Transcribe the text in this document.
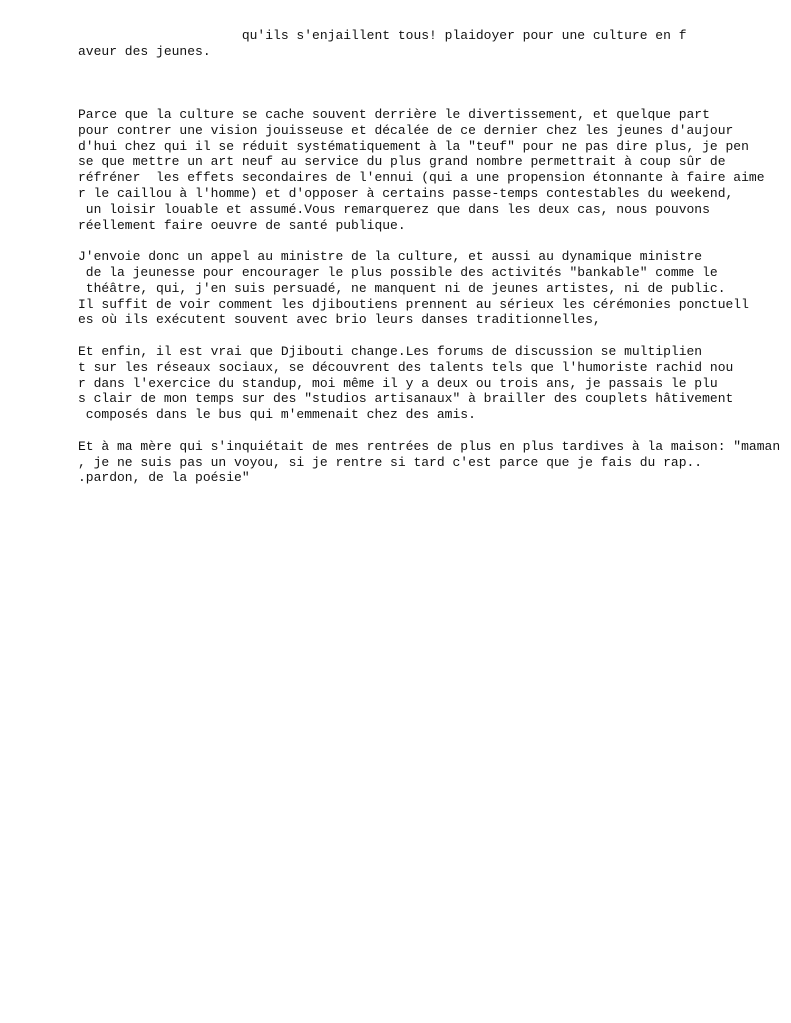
qu'ils s'enjaillent tous! plaidoyer pour une culture en f
aveur des jeunes.
Parce que la culture se cache souvent derrière le divertissement, et quelque part
pour contrer une vision jouisseuse et décalée de ce dernier chez les jeunes d'aujour
d'hui chez qui il se réduit systématiquement à la "teuf" pour ne pas dire plus, je pen
se que mettre un art neuf au service du plus grand nombre permettrait à coup sûr de
réfréner  les effets secondaires de l'ennui (qui a une propension étonnante à faire aime
r le caillou à l'homme) et d'opposer à certains passe-temps contestables du weekend,
un loisir louable et assumé.Vous remarquerez que dans les deux cas, nous pouvons
réellement faire oeuvre de santé publique.
J'envoie donc un appel au ministre de la culture, et aussi au dynamique ministre
de la jeunesse pour encourager le plus possible des activités "bankable" comme le
théâtre, qui, j'en suis persuadé, ne manquent ni de jeunes artistes, ni de public.
Il suffit de voir comment les djiboutiens prennent au sérieux les cérémonies ponctuell
es où ils exécutent souvent avec brio leurs danses traditionnelles,
Et enfin, il est vrai que Djibouti change.Les forums de discussion se multiplien
t sur les réseaux sociaux, se découvrent des talents tels que l'humoriste rachid nou
r dans l'exercice du standup, moi même il y a deux ou trois ans, je passais le plu
s clair de mon temps sur des "studios artisanaux" à brailler des couplets hâtivement
composés dans le bus qui m'emmenait chez des amis.
Et à ma mère qui s'inquiétait de mes rentrées de plus en plus tardives à la maison: "maman
, je ne suis pas un voyou, si je rentre si tard c'est parce que je fais du rap..
.pardon, de la poésie"
